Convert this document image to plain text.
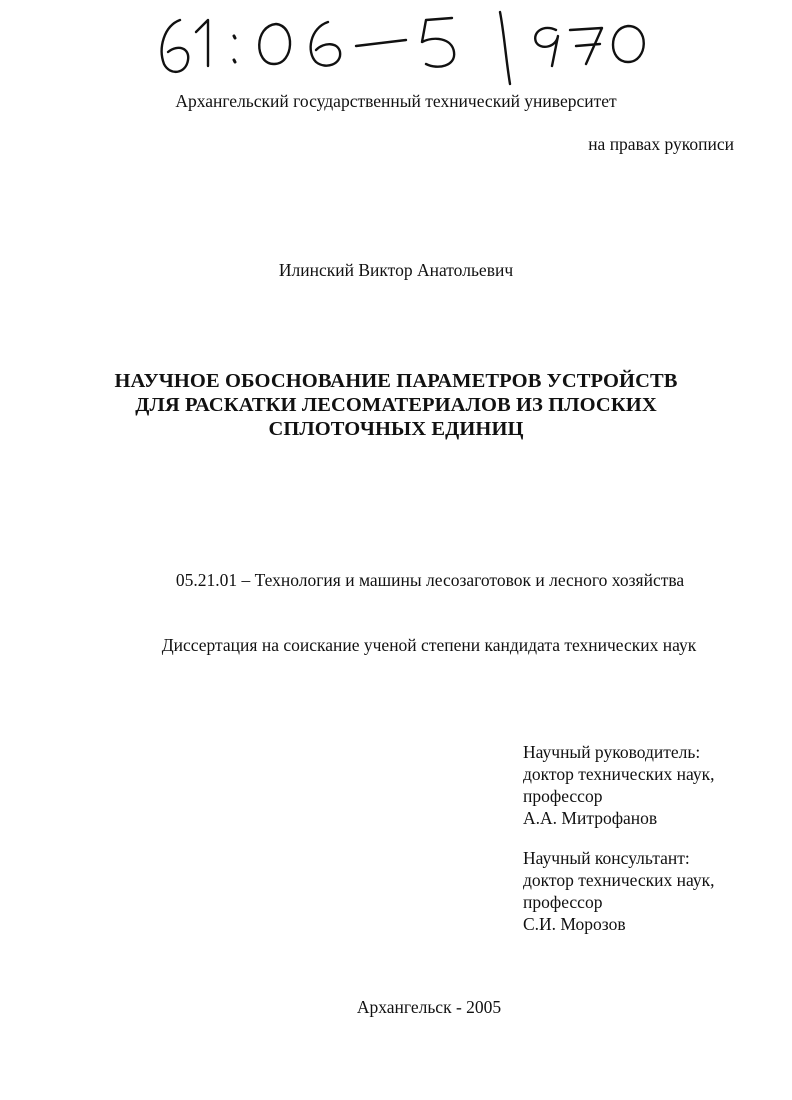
Архангельский государственный технический университет
на правах рукописи
Илинский Виктор Анатольевич
НАУЧНОЕ ОБОСНОВАНИЕ ПАРАМЕТРОВ УСТРОЙСТВ
ДЛЯ РАСКАТКИ ЛЕСОМАТЕРИАЛОВ ИЗ ПЛОСКИХ
СПЛОТОЧНЫХ ЕДИНИЦ
05.21.01 – Технология и машины лесозаготовок и лесного хозяйства
Диссертация на соискание ученой степени кандидата технических наук
Научный руководитель:
доктор технических наук,
профессор
А.А. Митрофанов
Научный консультант:
доктор технических наук,
профессор
С.И. Морозов
Архангельск - 2005
